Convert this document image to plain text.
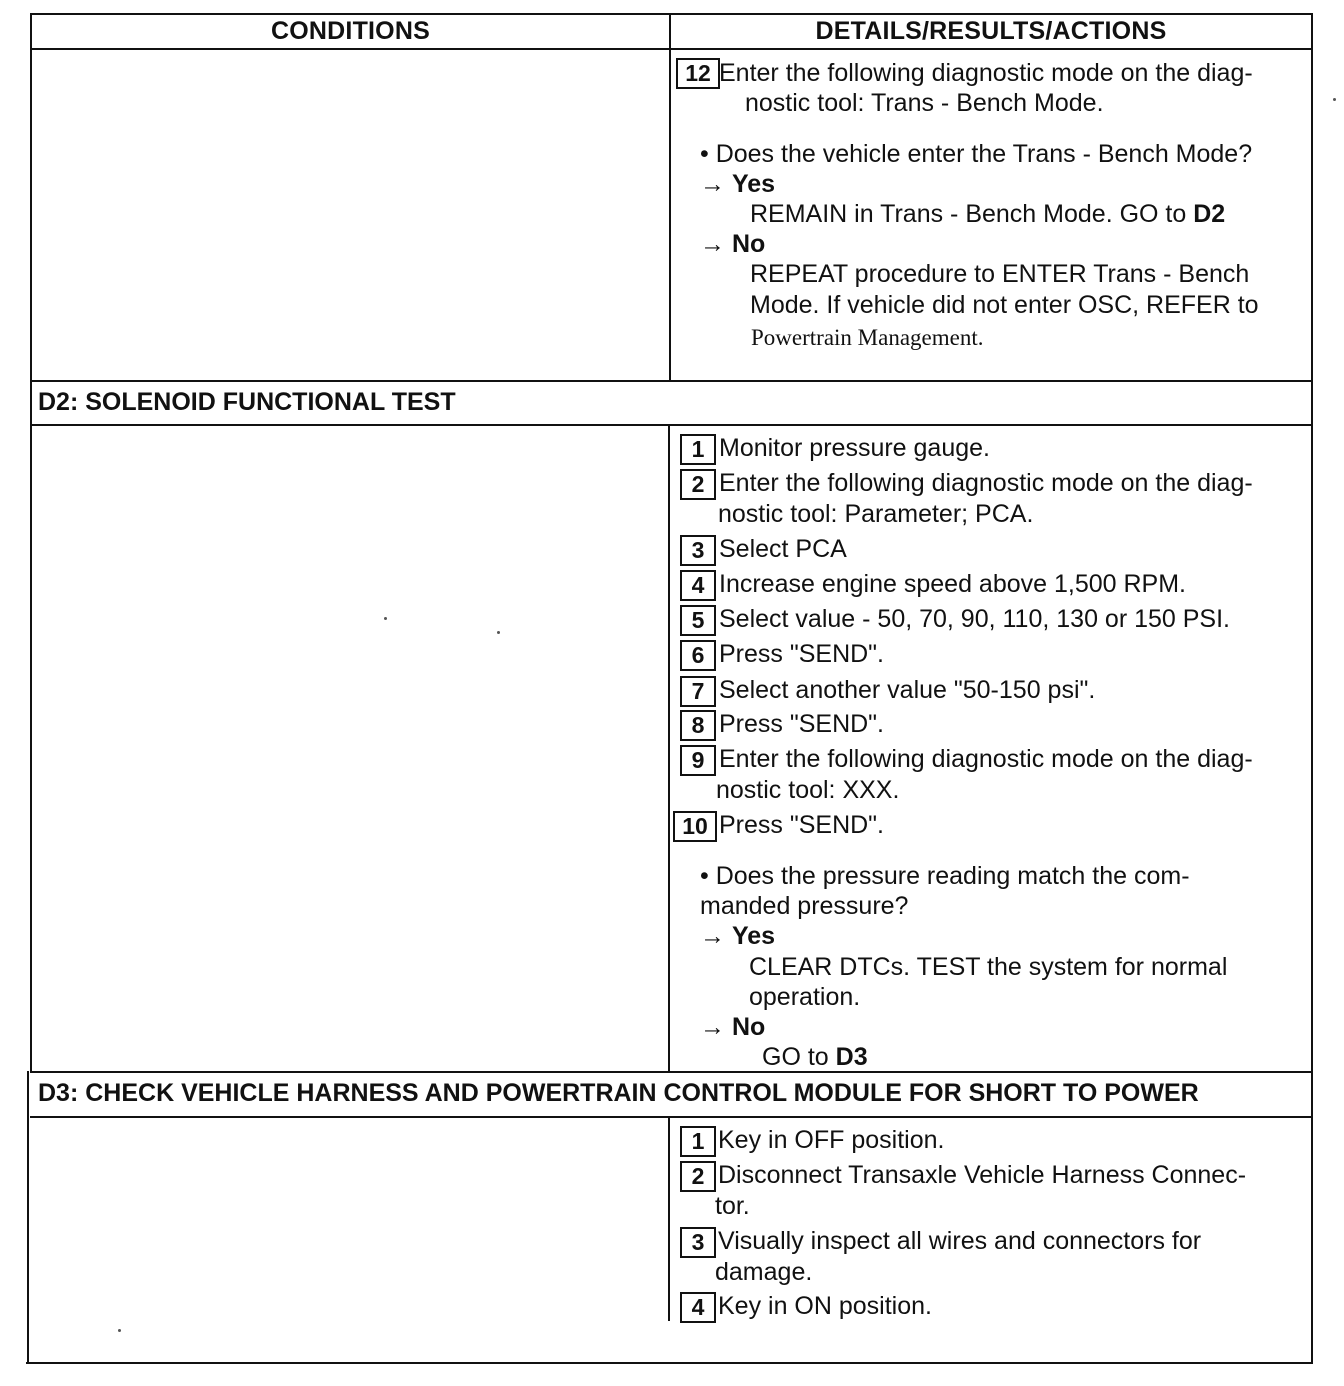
CONDITIONS	DETAILS/RESULTS/ACTIONS
12 Enter the following diagnostic mode on the diag-
nostic tool: Trans - Bench Mode.
• Does the vehicle enter the Trans - Bench Mode?
→ Yes
REMAIN in Trans - Bench Mode. GO to D2
→ No
REPEAT procedure to ENTER Trans - Bench
Mode. If vehicle did not enter OSC, REFER to
Powertrain Management.
D2: SOLENOID FUNCTIONAL TEST
1 Monitor pressure gauge.
2 Enter the following diagnostic mode on the diag-
nostic tool: Parameter; PCA.
3 Select PCA
4 Increase engine speed above 1,500 RPM.
5 Select value - 50, 70, 90, 110, 130 or 150 PSI.
6 Press "SEND".
7 Select another value "50-150 psi".
8 Press "SEND".
9 Enter the following diagnostic mode on the diag-
nostic tool: XXX.
10 Press "SEND".
• Does the pressure reading match the com-
manded pressure?
→ Yes
CLEAR DTCs. TEST the system for normal
operation.
→ No
GO to D3
D3: CHECK VEHICLE HARNESS AND POWERTRAIN CONTROL MODULE FOR SHORT TO POWER
1 Key in OFF position.
2 Disconnect Transaxle Vehicle Harness Connec-
tor.
3 Visually inspect all wires and connectors for
damage.
4 Key in ON position.
